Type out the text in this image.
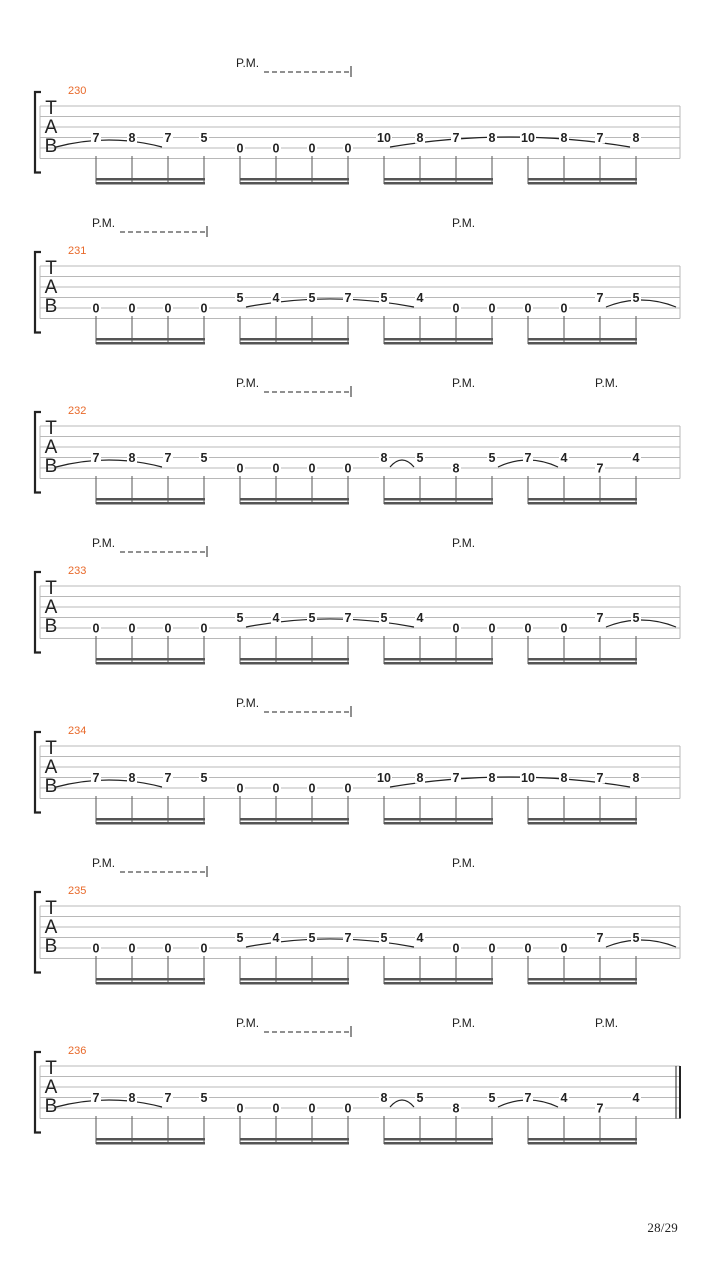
T
A
B
230
P.M.
7 8 7 5
0 0 0 0
10 8 7 8 10 8 7 8
T
A
B
231
P.M.	P.M.
0 0 0 0
5 4 5 7 5 4
0 0 0 0
7 5
T
A
B
232
P.M.	P.M.	P.M.
7 8 7 5
0 0 0 0
8 5
8
5 7 4
7
4
T
A
B
233
P.M.	P.M.
0 0 0 0
5 4 5 7 5 4
0 0 0 0
7 5
T
A
B
234
P.M.
7 8 7 5
0 0 0 0
10 8 7 8 10 8 7 8
T
A
B
235
P.M.	P.M.
0 0 0 0
5 4 5 7 5 4
0 0 0 0
7 5
T
A
B
236
P.M.	P.M.	P.M.
7 8 7 5
0 0 0 0
8 5
8
5 7 4
7
4
28/29
